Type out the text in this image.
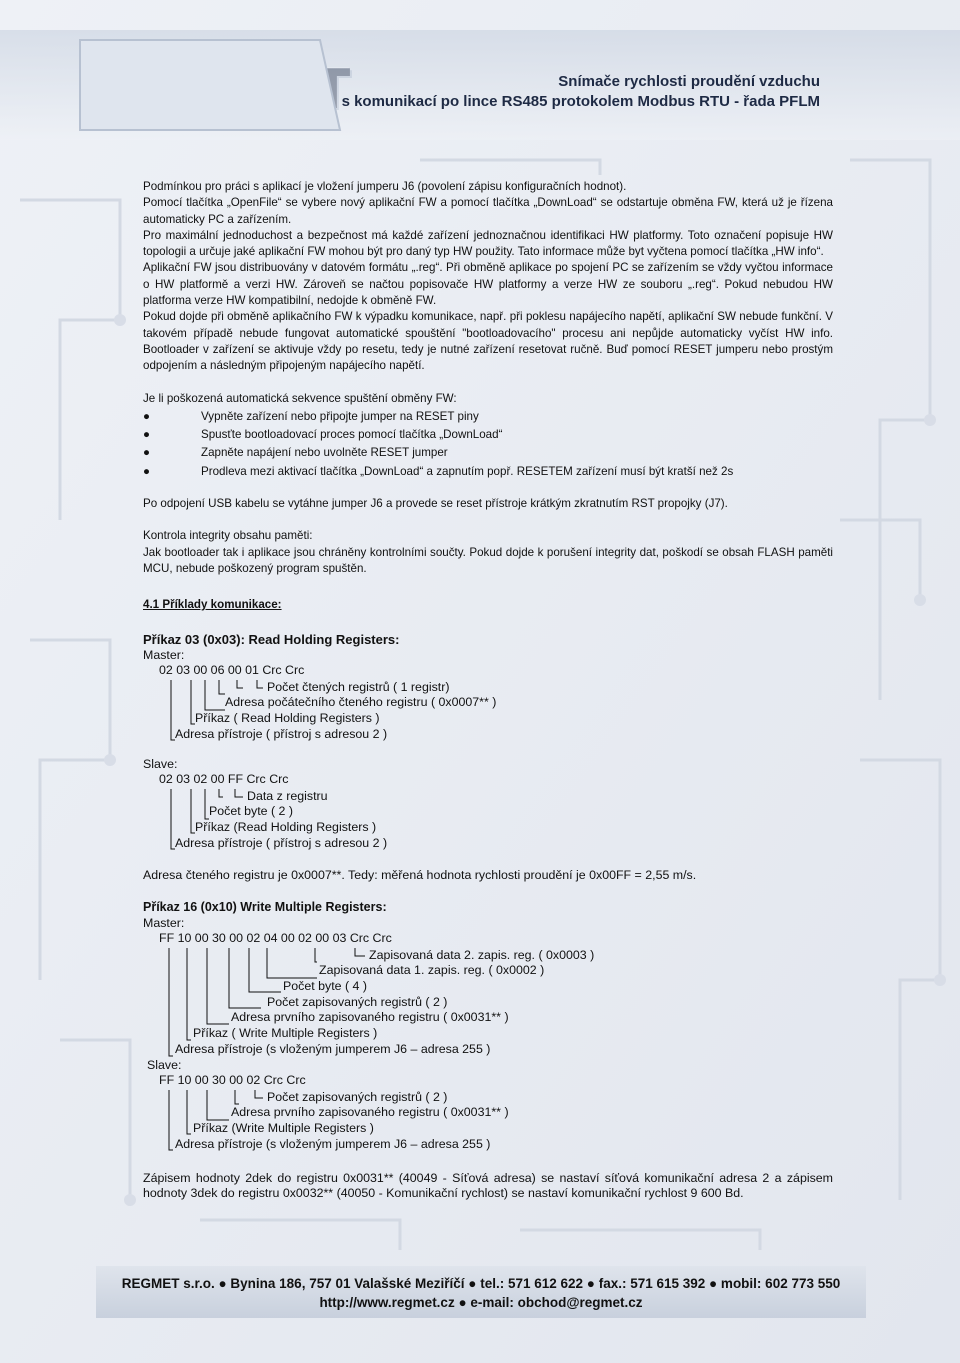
Snímače rychlosti proudění vzduchu
s komunikací po lince RS485 protokolem Modbus RTU - řada PFLM

Podmínkou pro práci s aplikací je vložení jumperu J6 (povolení zápisu konfiguračních hodnot).

Pomocí tlačítka „OpenFile“ se vybere nový aplikační FW a pomocí tlačítka „DownLoad“ se odstartuje obměna FW, která už je řízena automaticky PC a zařízením.

Pro maximální jednoduchost a bezpečnost má každé zařízení jednoznačnou identifikaci HW platformy. Toto označení popisuje HW topologii a určuje jaké aplikační FW mohou být pro daný typ HW použity. Tato informace může byt vyčtena pomocí tlačítka „HW info“.

Aplikační FW jsou distribuovány v datovém formátu „.reg“. Při obměně aplikace po spojení PC se zařízením se vždy vyčtou informace o HW platformě a verzi HW. Zároveň se načtou popisovače HW platformy a verze HW ze souboru „.reg“. Pokud nebudou HW platforma verze HW kompatibilní, nedojde k obměně FW.

Pokud dojde při obměně aplikačního FW k výpadku komunikace, např. při poklesu napájecího napětí, aplikační SW nebude funkční. V takovém případě nebude fungovat automatické spouštění "bootloadovacího" procesu ani nepůjde automaticky vyčíst HW info. Bootloader v zařízení se aktivuje vždy po resetu, tedy je nutné zařízení resetovat ručně. Buď pomocí RESET jumperu nebo prostým odpojením a následným připojeným napájecího napětí.

Je li poškozená automatická sekvence spuštění obměny FW:

●	Vypněte zařízení nebo připojte jumper na RESET piny
●	Spusťte bootloadovací proces pomocí tlačítka „DownLoad“
●	Zapněte napájení nebo uvolněte RESET jumper
●	Prodleva mezi aktivací tlačítka „DownLoad“ a zapnutím popř. RESETEM zařízení musí být kratší než 2s

Po odpojení USB kabelu se vytáhne jumper J6 a provede se reset přístroje krátkým zkratnutím RST propojky (J7).

Kontrola integrity obsahu paměti:

Jak bootloader tak i aplikace jsou chráněny kontrolními součty. Pokud dojde k porušení integrity dat, poškodí se obsah FLASH paměti MCU, nebude poškozený program spuštěn.

4.1 Příklady komunikace:
Příkaz 03 (0x03): Read Holding Registers:
Master:
02 03 00 06 00 01 Crc Crc
Počet čtených registrů ( 1 registr)
Adresa počátečního čteného registru ( 0x0007** )
Příkaz ( Read Holding Registers )
Adresa přístroje ( přístroj s adresou 2 )
Slave:
02 03 02 00 FF Crc Crc
Data z registru
Počet byte ( 2 )
Příkaz (Read Holding Registers )
Adresa přístroje ( přístroj s adresou 2 )
Adresa čteného registru je 0x0007**. Tedy: měřená hodnota rychlosti proudění je 0x00FF = 2,55 m/s.
Příkaz 16 (0x10) Write Multiple Registers:
Master:
FF 10 00 30 00 02 04 00 02 00 03 Crc Crc
Zapisovaná data 2. zapis. reg. ( 0x0003 )
Zapisovaná data 1. zapis. reg. ( 0x0002 )
Počet byte ( 4 )
Počet zapisovaných registrů ( 2 )
Adresa prvního zapisovaného registru ( 0x0031** )
Příkaz ( Write Multiple Registers )
Adresa přístroje (s vloženým jumperem J6 – adresa 255 )
Slave:
FF 10 00 30 00 02 Crc Crc
Počet zapisovaných registrů ( 2 )
Adresa prvního zapisovaného registru ( 0x0031** )
Příkaz (Write Multiple Registers )
Adresa přístroje (s vloženým jumperem J6 – adresa 255 )
Zápisem hodnoty 2dek do registru 0x0031** (40049 - Síťová adresa) se nastaví síťová komunikační adresa 2 a zápisem hodnoty 3dek do registru 0x0032** (40050 - Komunikační rychlost) se nastaví komunikační rychlost 9 600 Bd.
REGMET s.r.o. ● Bynina 186, 757 01 Valašské Meziříčí ● tel.: 571 612 622 ● fax.: 571 615 392 ● mobil: 602 773 550
http://www.regmet.cz ● e-mail: obchod@regmet.cz
